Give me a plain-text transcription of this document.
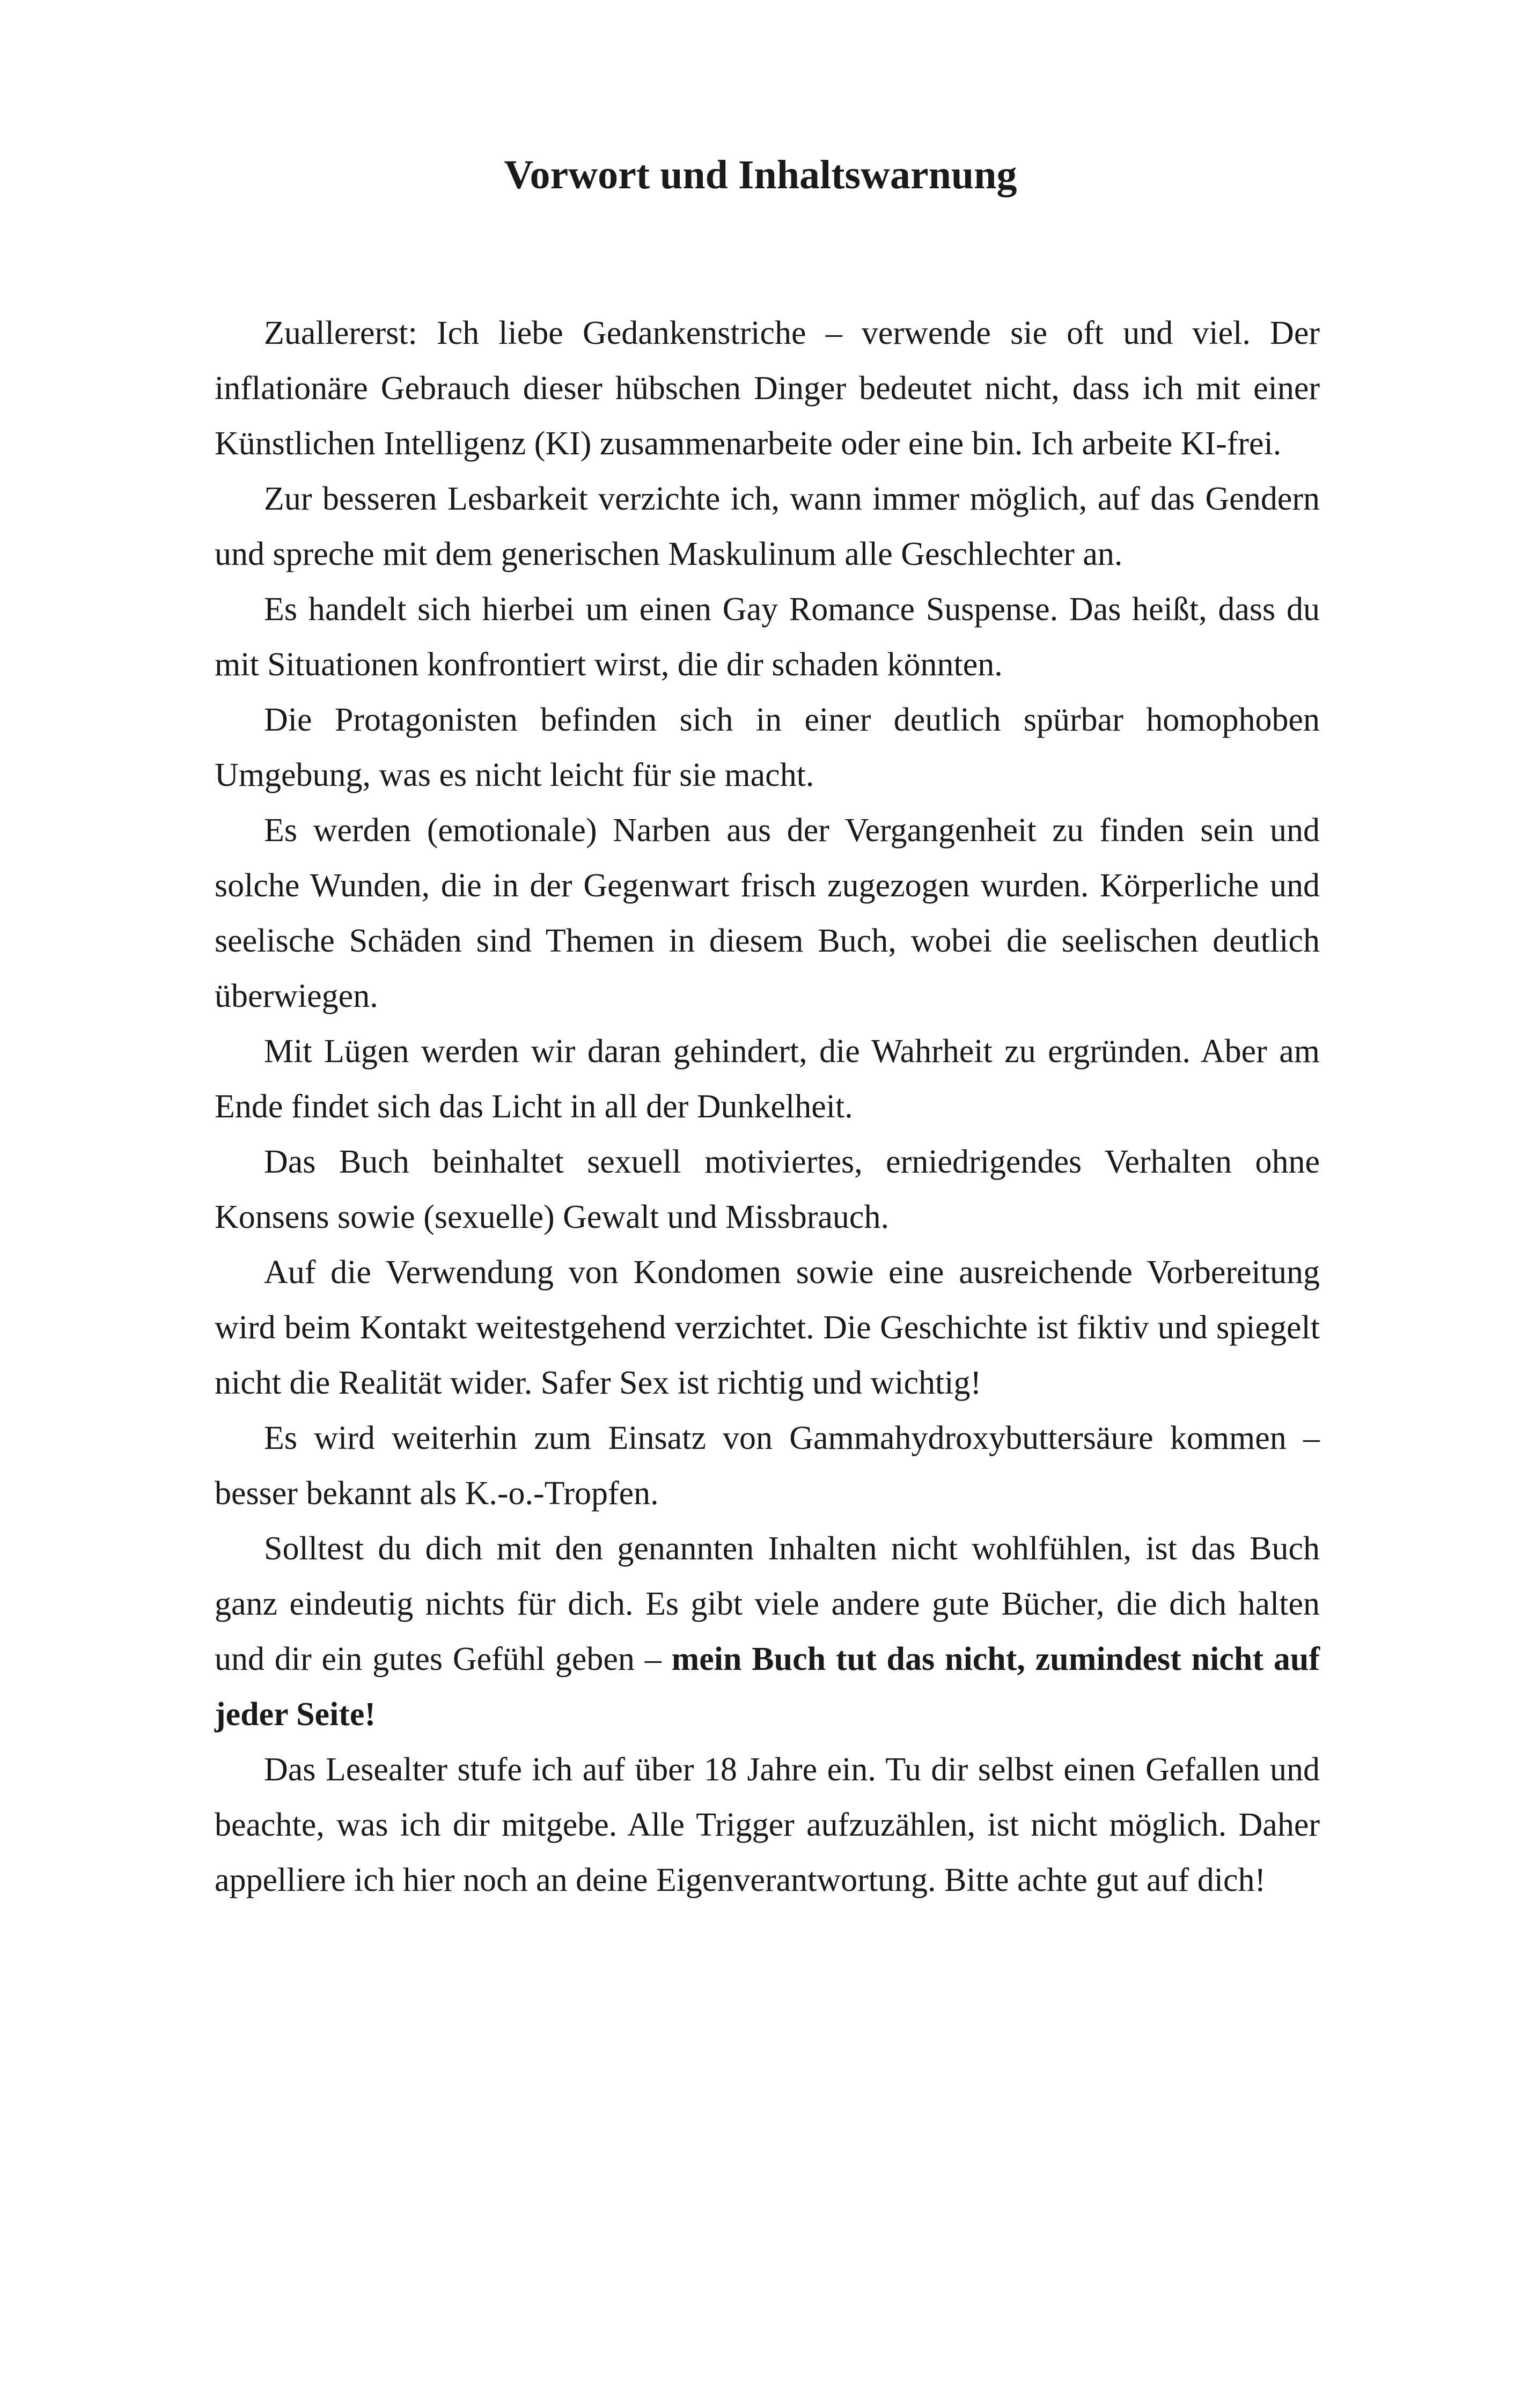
Vorwort und Inhaltswarnung

Zuallererst: Ich liebe Gedankenstriche – verwende sie oft und viel. Der inflationäre Gebrauch dieser hübschen Dinger bedeutet nicht, dass ich mit einer Künstlichen Intelligenz (KI) zusammenarbeite oder eine bin. Ich arbeite KI-frei.

Zur besseren Lesbarkeit verzichte ich, wann immer möglich, auf das Gendern und spreche mit dem generischen Maskulinum alle Geschlechter an.

Es handelt sich hierbei um einen Gay Romance Suspense. Das heißt, dass du mit Situationen konfrontiert wirst, die dir schaden könnten.

Die Protagonisten befinden sich in einer deutlich spürbar homophoben Umgebung, was es nicht leicht für sie macht.

Es werden (emotionale) Narben aus der Vergangenheit zu finden sein und solche Wunden, die in der Gegenwart frisch zugezogen wurden. Körperliche und seelische Schäden sind Themen in diesem Buch, wobei die seelischen deutlich überwiegen.

Mit Lügen werden wir daran gehindert, die Wahrheit zu ergründen. Aber am Ende findet sich das Licht in all der Dunkelheit.

Das Buch beinhaltet sexuell motiviertes, erniedrigendes Verhalten ohne Konsens sowie (sexuelle) Gewalt und Missbrauch.

Auf die Verwendung von Kondomen sowie eine ausreichende Vorbereitung wird beim Kontakt weitestgehend verzichtet. Die Geschichte ist fiktiv und spiegelt nicht die Realität wider. Safer Sex ist richtig und wichtig!

Es wird weiterhin zum Einsatz von Gammahydroxybuttersäure kommen – besser bekannt als K.-o.-Tropfen.

Solltest du dich mit den genannten Inhalten nicht wohlfühlen, ist das Buch ganz eindeutig nichts für dich. Es gibt viele andere gute Bücher, die dich halten und dir ein gutes Gefühl geben – mein Buch tut das nicht, zumindest nicht auf jeder Seite!

Das Lesealter stufe ich auf über 18 Jahre ein. Tu dir selbst einen Gefallen und beachte, was ich dir mitgebe. Alle Trigger aufzuzählen, ist nicht möglich. Daher appelliere ich hier noch an deine Eigenverantwortung. Bitte achte gut auf dich!
